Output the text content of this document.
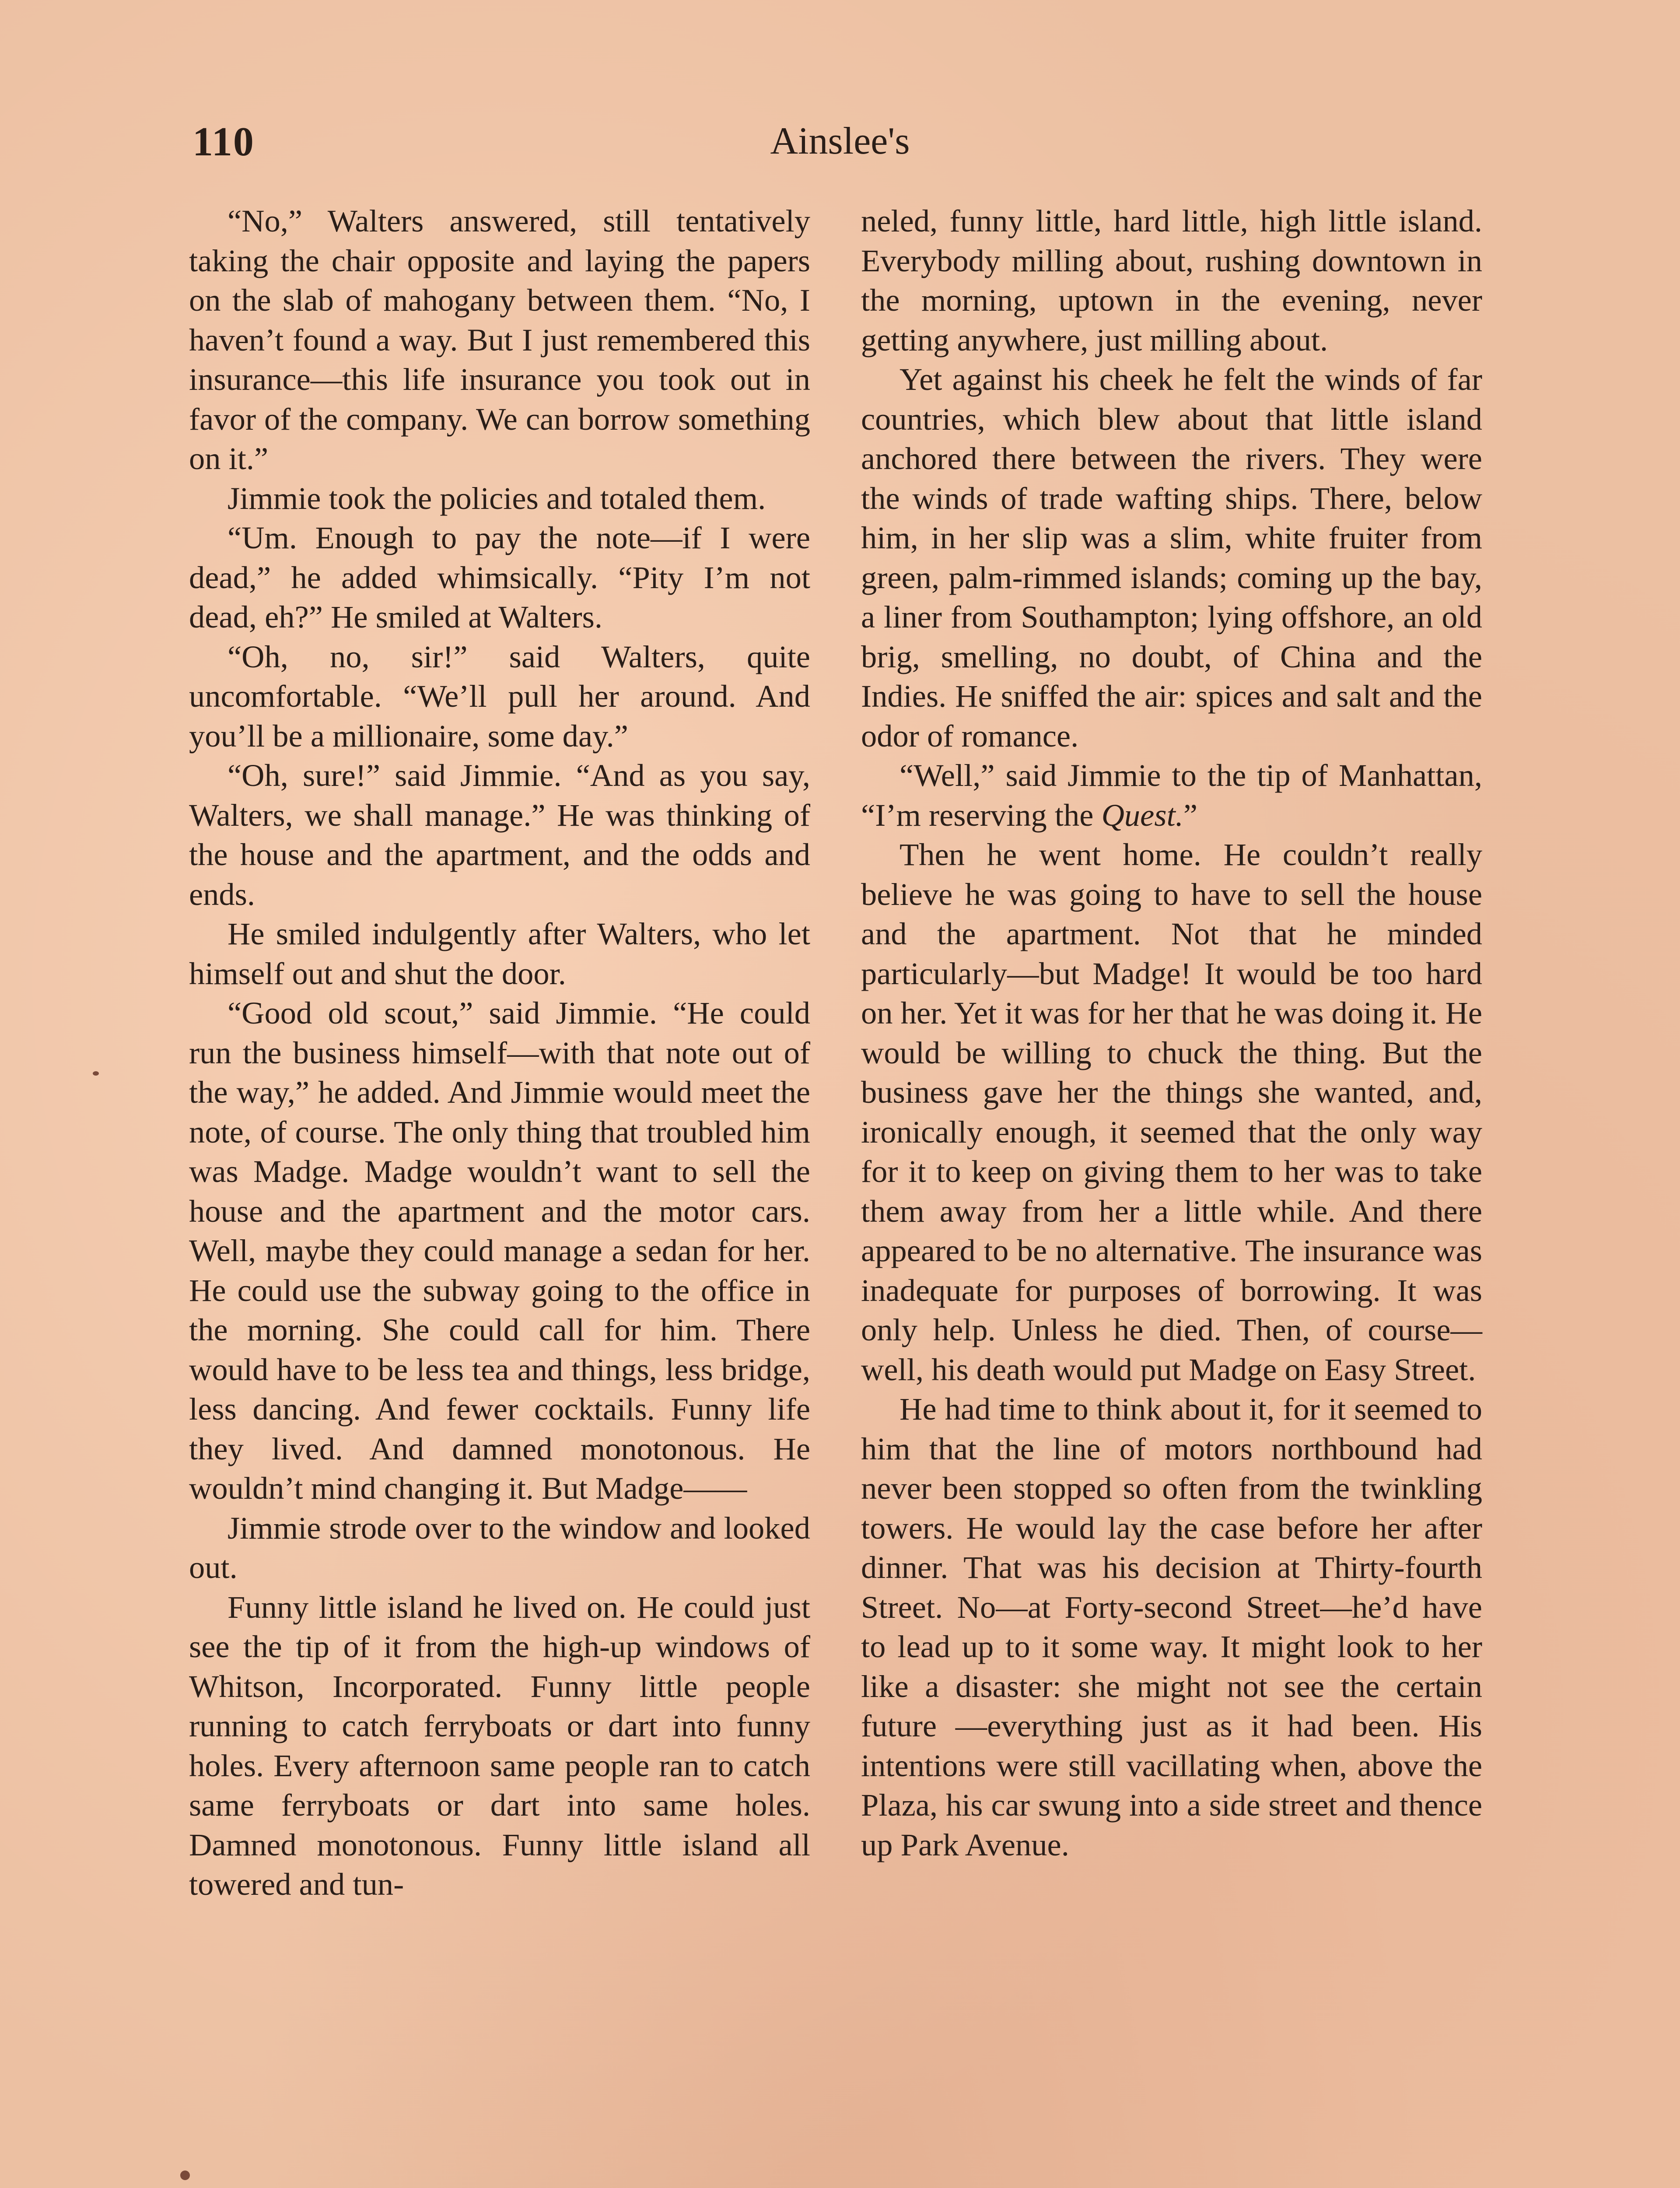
110	Ainslee's

“No,” Walters answered, still tentatively taking the chair opposite and laying the papers on the slab of mahogany between them. “No, I haven’t found a way. But I just remembered this insurance—this life insurance you took out in favor of the company. We can borrow something on it.”

Jimmie took the policies and totaled them.

“Um. Enough to pay the note—if I were dead,” he added whimsically. “Pity I’m not dead, eh?” He smiled at Walters.

“Oh, no, sir!” said Walters, quite uncomfortable. “We’ll pull her around. And you’ll be a millionaire, some day.”

“Oh, sure!” said Jimmie. “And as you say, Walters, we shall manage.” He was thinking of the house and the apartment, and the odds and ends.

He smiled indulgently after Walters, who let himself out and shut the door.

“Good old scout,” said Jimmie. “He could run the business himself—with that note out of the way,” he added. And Jimmie would meet the note, of course. The only thing that troubled him was Madge. Madge wouldn’t want to sell the house and the apartment and the motor cars. Well, maybe they could manage a sedan for her. He could use the subway going to the office in the morning. She could call for him. There would have to be less tea and things, less bridge, less dancing. And fewer cocktails. Funny life they lived. And damned monotonous. He wouldn’t mind changing it. But Madge——

Jimmie strode over to the window and looked out.

Funny little island he lived on. He could just see the tip of it from the high-up windows of Whitson, Incorporated. Funny little people running to catch ferryboats or dart into funny holes. Every afternoon same people ran to catch same ferryboats or dart into same holes. Damned monotonous. Funny little island all towered and tun-

neled, funny little, hard little, high little island. Everybody milling about, rushing downtown in the morning, uptown in the evening, never getting anywhere, just milling about.

Yet against his cheek he felt the winds of far countries, which blew about that little island anchored there between the rivers. They were the winds of trade wafting ships. There, below him, in her slip was a slim, white fruiter from green, palm-rimmed islands; coming up the bay, a liner from Southampton; lying offshore, an old brig, smelling, no doubt, of China and the Indies. He sniffed the air: spices and salt and the odor of romance.

“Well,” said Jimmie to the tip of Manhattan, “I’m reserving the Quest.”

Then he went home. He couldn’t really believe he was going to have to sell the house and the apartment. Not that he minded particularly—but Madge! It would be too hard on her. Yet it was for her that he was doing it. He would be willing to chuck the thing. But the business gave her the things she wanted, and, ironically enough, it seemed that the only way for it to keep on giving them to her was to take them away from her a little while. And there appeared to be no alternative. The insurance was inadequate for purposes of borrowing. It was only help. Unless he died. Then, of course—well, his death would put Madge on Easy Street.

He had time to think about it, for it seemed to him that the line of motors northbound had never been stopped so often from the twinkling towers. He would lay the case before her after dinner. That was his decision at Thirty-fourth Street. No—at Forty-second Street—he’d have to lead up to it some way. It might look to her like a disaster: she might not see the certain future —everything just as it had been. His intentions were still vacillating when, above the Plaza, his car swung into a side street and thence up Park Avenue.
